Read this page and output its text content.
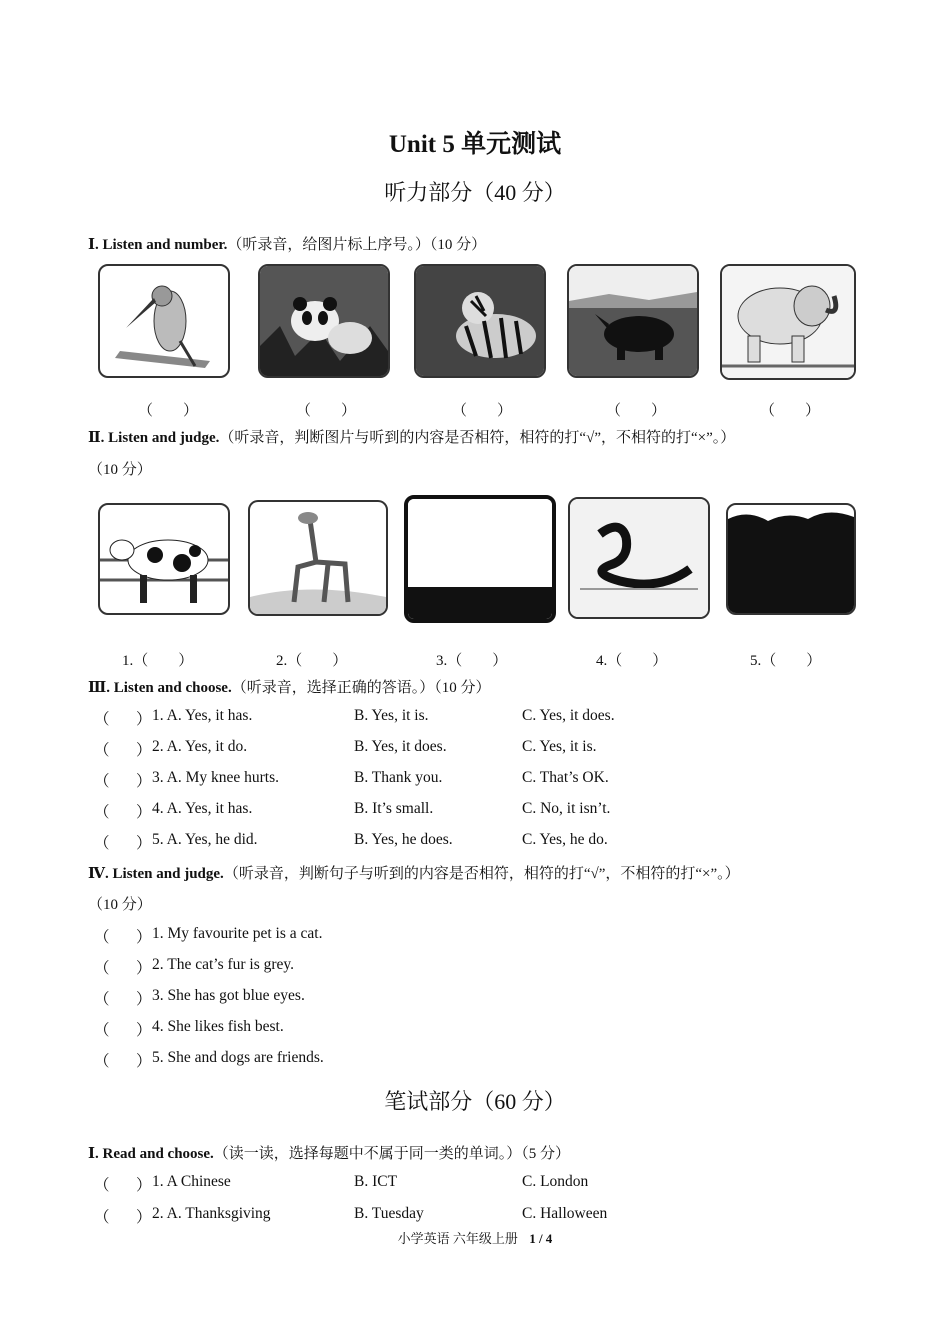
Unit 5 单元测试
听力部分（40 分）
Ⅰ. Listen and number.（听录音，给图片标上序号。）（10 分）
（　　）	（　　）	（　　）	（　　）	（　　）
Ⅱ. Listen and judge.（听录音，判断图片与听到的内容是否相符，相符的打“√”，不相符的打“×”。）
（10 分）
1.（　　）	2.（　　）	3.（　　）	4.（　　）	5.（　　）
Ⅲ. Listen and choose.（听录音，选择正确的答语。）（10 分）
（ ） 1. A. Yes, it has.	B. Yes, it is.	C. Yes, it does.
（ ） 2. A. Yes, it do.	B. Yes, it does.	C. Yes, it is.
（ ） 3. A. My knee hurts.	B. Thank you.	C. That’s OK.
（ ） 4. A. Yes, it has.	B. It’s small.	C. No, it isn’t.
（ ） 5. A. Yes, he did.	B. Yes, he does.	C. Yes, he do.
Ⅳ. Listen and judge.（听录音，判断句子与听到的内容是否相符，相符的打“√”，不相符的打“×”。）
（10 分）
（ ） 1. My favourite pet is a cat.
（ ） 2. The cat’s fur is grey.
（ ） 3. She has got blue eyes.
（ ） 4. She likes fish best.
（ ） 5. She and dogs are friends.
笔试部分（60 分）
Ⅰ. Read and choose.（读一读，选择每题中不属于同一类的单词。）（5 分）
（ ） 1. A Chinese	B. ICT	C. London
（ ） 2. A. Thanksgiving	B. Tuesday	C. Halloween
小学英语 六年级上册 1 / 4
